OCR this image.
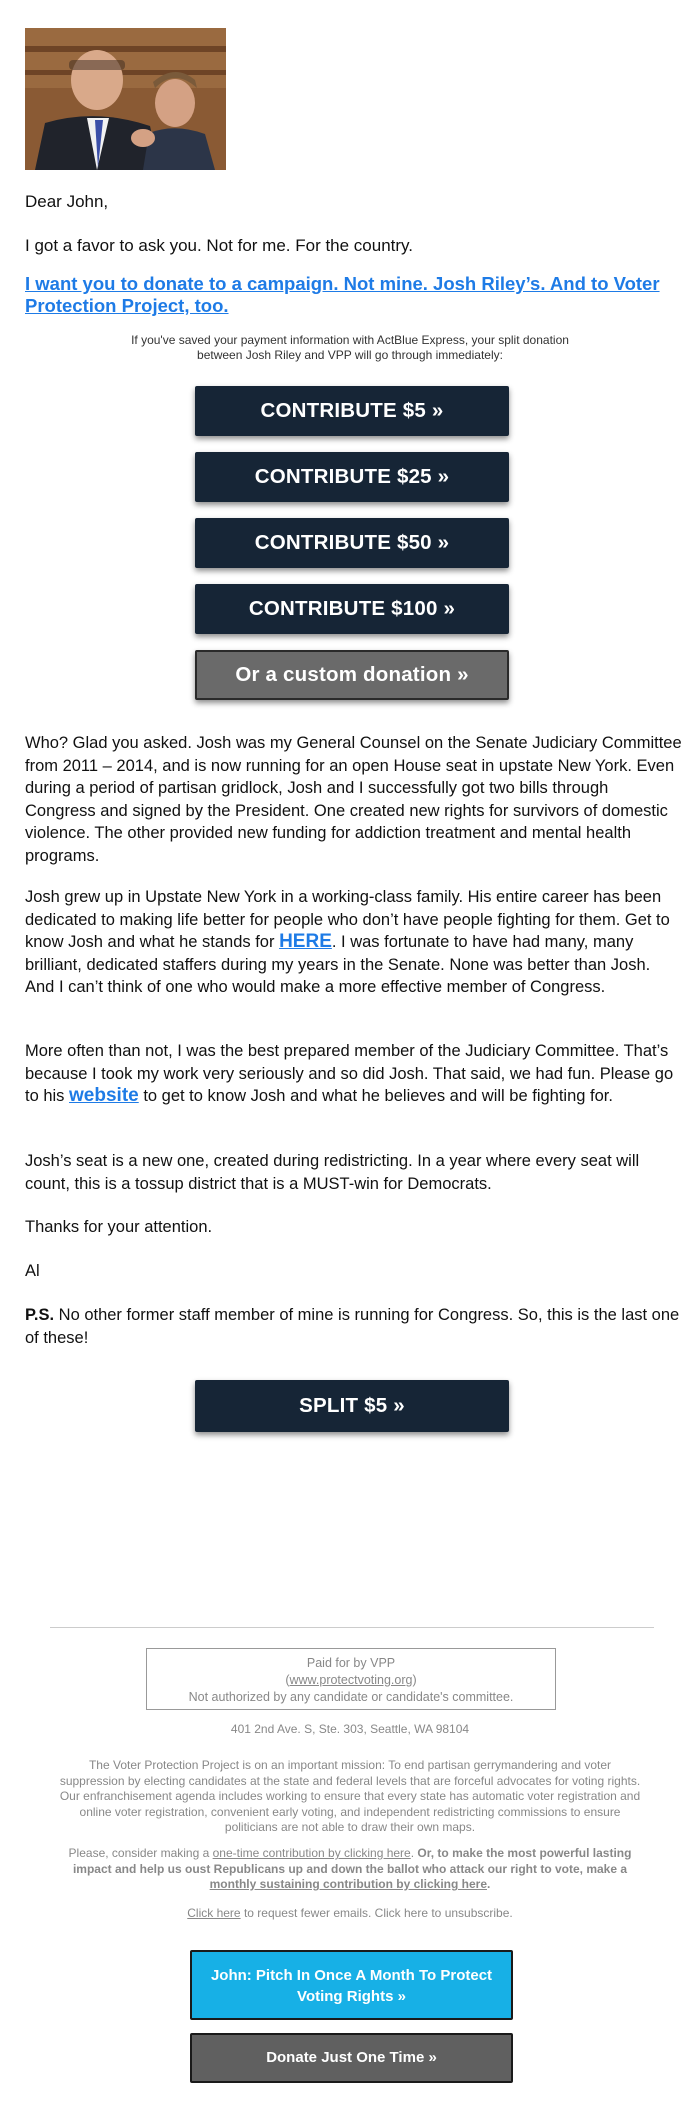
Dear John,
I got a favor to ask you. Not for me. For the country.
I want you to donate to a campaign. Not mine. Josh Riley’s. And to Voter Protection Project, too.
If you've saved your payment information with ActBlue Express, your split donation between Josh Riley and VPP will go through immediately:
CONTRIBUTE $5 »
CONTRIBUTE $25 »
CONTRIBUTE $50 »
CONTRIBUTE $100 »
Or a custom donation »
Who? Glad you asked. Josh was my General Counsel on the Senate Judiciary Committee from 2011 – 2014, and is now running for an open House seat in upstate New York. Even during a period of partisan gridlock, Josh and I successfully got two bills through Congress and signed by the President. One created new rights for survivors of domestic violence. The other provided new funding for addiction treatment and mental health programs.
Josh grew up in Upstate New York in a working-class family. His entire career has been dedicated to making life better for people who don’t have people fighting for them. Get to know Josh and what he stands for HERE. I was fortunate to have had many, many brilliant, dedicated staffers during my years in the Senate. None was better than Josh. And I can’t think of one who would make a more effective member of Congress.
More often than not, I was the best prepared member of the Judiciary Committee. That’s because I took my work very seriously and so did Josh. That said, we had fun. Please go to his website to get to know Josh and what he believes and will be fighting for.
Josh’s seat is a new one, created during redistricting. In a year where every seat will count, this is a tossup district that is a MUST-win for Democrats.
Thanks for your attention.
Al
P.S. No other former staff member of mine is running for Congress. So, this is the last one of these!
SPLIT $5 »
Paid for by VPP
(www.protectvoting.org)
Not authorized by any candidate or candidate's committee.
401 2nd Ave. S, Ste. 303, Seattle, WA 98104
The Voter Protection Project is on an important mission: To end partisan gerrymandering and voter suppression by electing candidates at the state and federal levels that are forceful advocates for voting rights. Our enfranchisement agenda includes working to ensure that every state has automatic voter registration and online voter registration, convenient early voting, and independent redistricting commissions to ensure politicians are not able to draw their own maps.
Please, consider making a one-time contribution by clicking here. Or, to make the most powerful lasting impact and help us oust Republicans up and down the ballot who attack our right to vote, make a monthly sustaining contribution by clicking here.
Click here to request fewer emails. Click here to unsubscribe.
John: Pitch In Once A Month To Protect Voting Rights »
Donate Just One Time »
